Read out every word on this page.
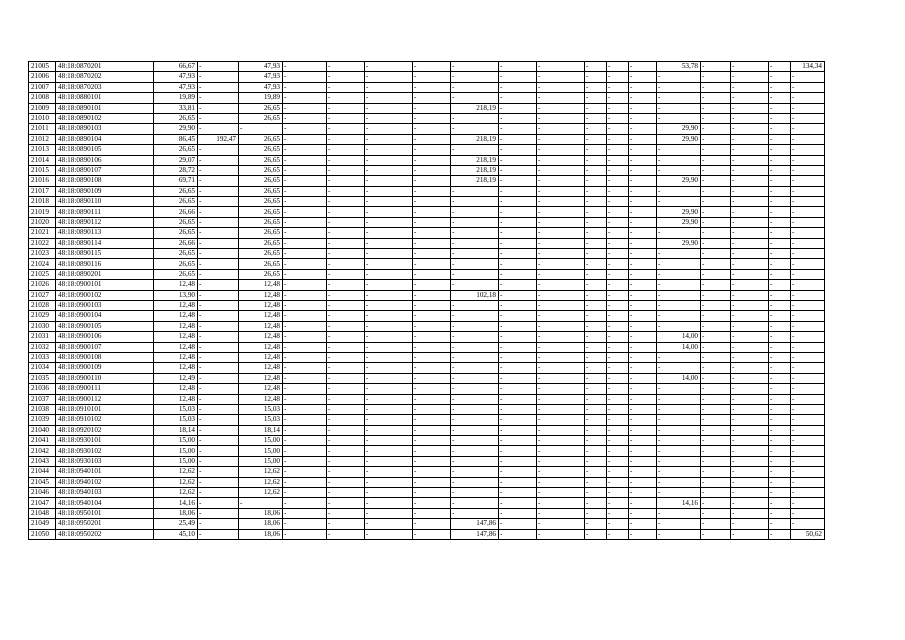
21005	48:18:0870201	66,67	-	47,93	-	-	-	-	-	-	-	-	-	-	53,78	-	-	-	134,34
21006	48:18:0870202	47,93	-	47,93	-	-	-	-	-	-	-	-	-	-	-	-	-	-	-
21007	48:18:0870203	47,93	-	47,93	-	-	-	-	-	-	-	-	-	-	-	-	-	-	-
21008	48:18:0880101	19,89	-	19,89	-	-	-	-	-	-	-	-	-	-	-	-	-	-	-
21009	48:18:0890101	33,81	-	26,65	-	-	-	-	218,19	-	-	-	-	-	-	-	-	-	-
21010	48:18:0890102	26,65	-	26,65	-	-	-	-	-	-	-	-	-	-	-	-	-	-	-
21011	48:18:0890103	29,90	-	-	-	-	-	-	-	-	-	-	-	-	29,90	-	-	-	-
21012	48:18:0890104	86,45	192,47	26,65	-	-	-	-	218,19	-	-	-	-	-	29,90	-	-	-	-
21013	48:18:0890105	26,65	-	26,65	-	-	-	-	-	-	-	-	-	-	-	-	-	-	-
21014	48:18:0890106	29,07	-	26,65	-	-	-	-	218,19	-	-	-	-	-	-	-	-	-	-
21015	48:18:0890107	28,72	-	26,65	-	-	-	-	218,19	-	-	-	-	-	-	-	-	-	-
21016	48:18:0890108	69,71	-	26,65	-	-	-	-	218,19	-	-	-	-	-	29,90	-	-	-	-
21017	48:18:0890109	26,65	-	26,65	-	-	-	-	-	-	-	-	-	-	-	-	-	-	-
21018	48:18:0890110	26,65	-	26,65	-	-	-	-	-	-	-	-	-	-	-	-	-	-	-
21019	48:18:0890111	26,66	-	26,65	-	-	-	-	-	-	-	-	-	-	29,90	-	-	-	-
21020	48:18:0890112	26,65	-	26,65	-	-	-	-	-	-	-	-	-	-	29,90	-	-	-	-
21021	48:18:0890113	26,65	-	26,65	-	-	-	-	-	-	-	-	-	-	-	-	-	-	-
21022	48:18:0890114	26,66	-	26,65	-	-	-	-	-	-	-	-	-	-	29,90	-	-	-	-
21023	48:18:0890115	26,65	-	26,65	-	-	-	-	-	-	-	-	-	-	-	-	-	-	-
21024	48:18:0890116	26,65	-	26,65	-	-	-	-	-	-	-	-	-	-	-	-	-	-	-
21025	48:18:0890201	26,65	-	26,65	-	-	-	-	-	-	-	-	-	-	-	-	-	-	-
21026	48:18:0900101	12,48	-	12,48	-	-	-	-	-	-	-	-	-	-	-	-	-	-	-
21027	48:18:0900102	13,90	-	12,48	-	-	-	-	102,18	-	-	-	-	-	-	-	-	-	-
21028	48:18:0900103	12,48	-	12,48	-	-	-	-	-	-	-	-	-	-	-	-	-	-	-
21029	48:18:0900104	12,48	-	12,48	-	-	-	-	-	-	-	-	-	-	-	-	-	-	-
21030	48:18:0900105	12,48	-	12,48	-	-	-	-	-	-	-	-	-	-	-	-	-	-	-
21031	48:18:0900106	12,48	-	12,48	-	-	-	-	-	-	-	-	-	-	14,00	-	-	-	-
21032	48:18:0900107	12,48	-	12,48	-	-	-	-	-	-	-	-	-	-	14,00	-	-	-	-
21033	48:18:0900108	12,48	-	12,48	-	-	-	-	-	-	-	-	-	-	-	-	-	-	-
21034	48:18:0900109	12,48	-	12,48	-	-	-	-	-	-	-	-	-	-	-	-	-	-	-
21035	48:18:0900110	12,49	-	12,48	-	-	-	-	-	-	-	-	-	-	14,00	-	-	-	-
21036	48:18:0900111	12,48	-	12,48	-	-	-	-	-	-	-	-	-	-	-	-	-	-	-
21037	48:18:0900112	12,48	-	12,48	-	-	-	-	-	-	-	-	-	-	-	-	-	-	-
21038	48:18:0910101	15,03	-	15,03	-	-	-	-	-	-	-	-	-	-	-	-	-	-	-
21039	48:18:0910102	15,03	-	15,03	-	-	-	-	-	-	-	-	-	-	-	-	-	-	-
21040	48:18:0920102	18,14	-	18,14	-	-	-	-	-	-	-	-	-	-	-	-	-	-	-
21041	48:18:0930101	15,00	-	15,00	-	-	-	-	-	-	-	-	-	-	-	-	-	-	-
21042	48:18:0930102	15,00	-	15,00	-	-	-	-	-	-	-	-	-	-	-	-	-	-	-
21043	48:18:0930103	15,00	-	15,00	-	-	-	-	-	-	-	-	-	-	-	-	-	-	-
21044	48:18:0940101	12,62	-	12,62	-	-	-	-	-	-	-	-	-	-	-	-	-	-	-
21045	48:18:0940102	12,62	-	12,62	-	-	-	-	-	-	-	-	-	-	-	-	-	-	-
21046	48:18:0940103	12,62	-	12,62	-	-	-	-	-	-	-	-	-	-	-	-	-	-	-
21047	48:18:0940104	14,16	-	-	-	-	-	-	-	-	-	-	-	-	14,16	-	-	-	-
21048	48:18:0950101	18,06	-	18,06	-	-	-	-	-	-	-	-	-	-	-	-	-	-	-
21049	48:18:0950201	25,49	-	18,06	-	-	-	-	147,86	-	-	-	-	-	-	-	-	-	-
21050	48:18:0950202	45,10	-	18,06	-	-	-	-	147,86	-	-	-	-	-	-	-	-	-	50,62
